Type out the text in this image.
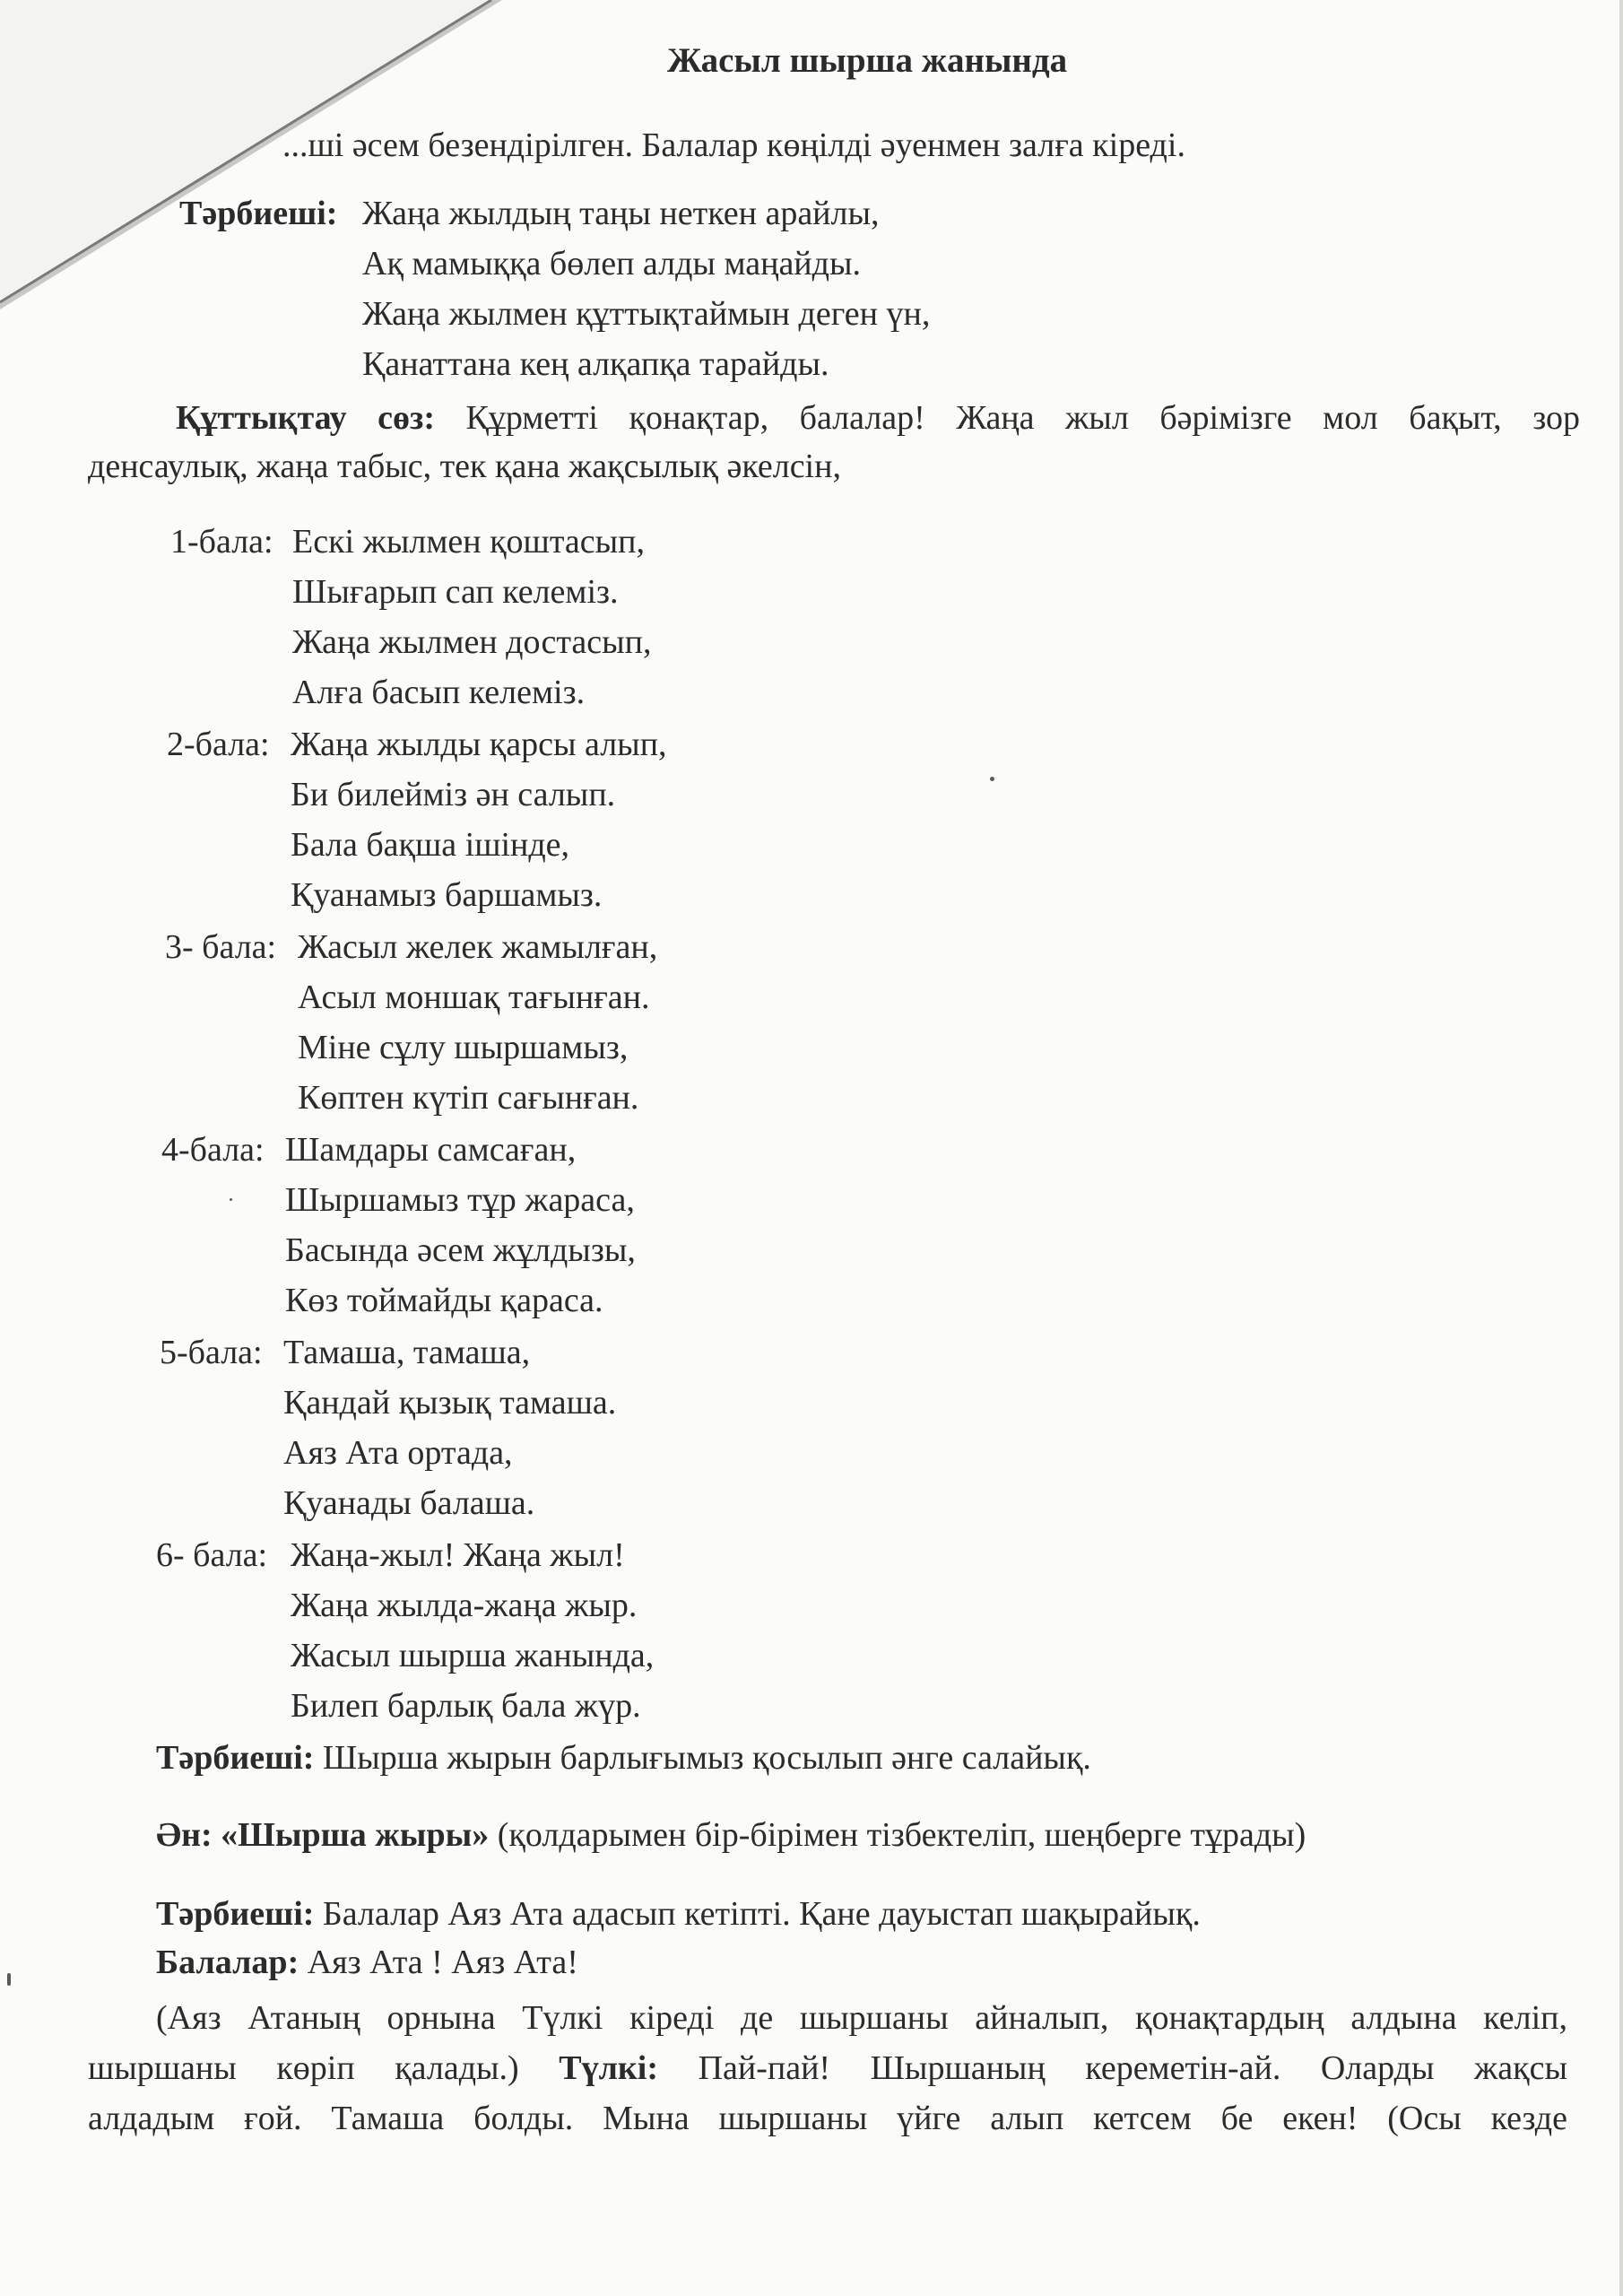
Жасыл шырша жанында
...ші әсем безендірілген. Балалар көңілді әуенмен залға кіреді.
Тәрбиеші: Жаңа жылдың таңы неткен арайлы,
Ақ мамыққа бөлеп алды маңайды.
Жаңа жылмен құттықтаймын деген үн,
Қанаттана кең алқапқа тарайды.
Құттықтау сөз: Құрметті қонақтар, балалар! Жаңа жыл бәрімізге мол бақыт, зор
денсаулық, жаңа табыс, тек қана жақсылық әкелсін,
1-бала: Ескі жылмен қоштасып,
Шығарып сап келеміз.
Жаңа жылмен достасып,
Алға басып келеміз.
2-бала: Жаңа жылды қарсы алып,
Би билейміз ән салып.
Бала бақша ішінде,
Қуанамыз баршамыз.
3- бала: Жасыл желек жамылған,
Асыл моншақ тағынған.
Міне сұлу шыршамыз,
Көптен күтіп сағынған.
4-бала: Шамдары самсаған,
Шыршамыз тұр жараса,
Басында әсем жұлдызы,
Көз тоймайды қараса.
5-бала: Тамаша, тамаша,
Қандай қызық тамаша.
Аяз Ата ортада,
Қуанады балаша.
6- бала: Жаңа-жыл! Жаңа жыл!
Жаңа жылда-жаңа жыр.
Жасыл шырша жанында,
Билеп барлық бала жүр.
Тәрбиеші: Шырша жырын барлығымыз қосылып әнге салайық.
Ән: «Шырша жыры» (қолдарымен бір-бірімен тізбектеліп, шеңберге тұрады)
Тәрбиеші: Балалар Аяз Ата адасып кетіпті. Қане дауыстап шақырайық.
Балалар: Аяз Ата ! Аяз Ата!
(Аяз Атаның орнына Түлкі кіреді де шыршаны айналып, қонақтардың алдына келіп,
шыршаны көріп қалады.) Түлкі: Пай-пай! Шыршаның кереметін-ай. Оларды жақсы
алдадым ғой. Тамаша болды. Мына шыршаны үйге алып кетсем бе екен! (Осы кезде
